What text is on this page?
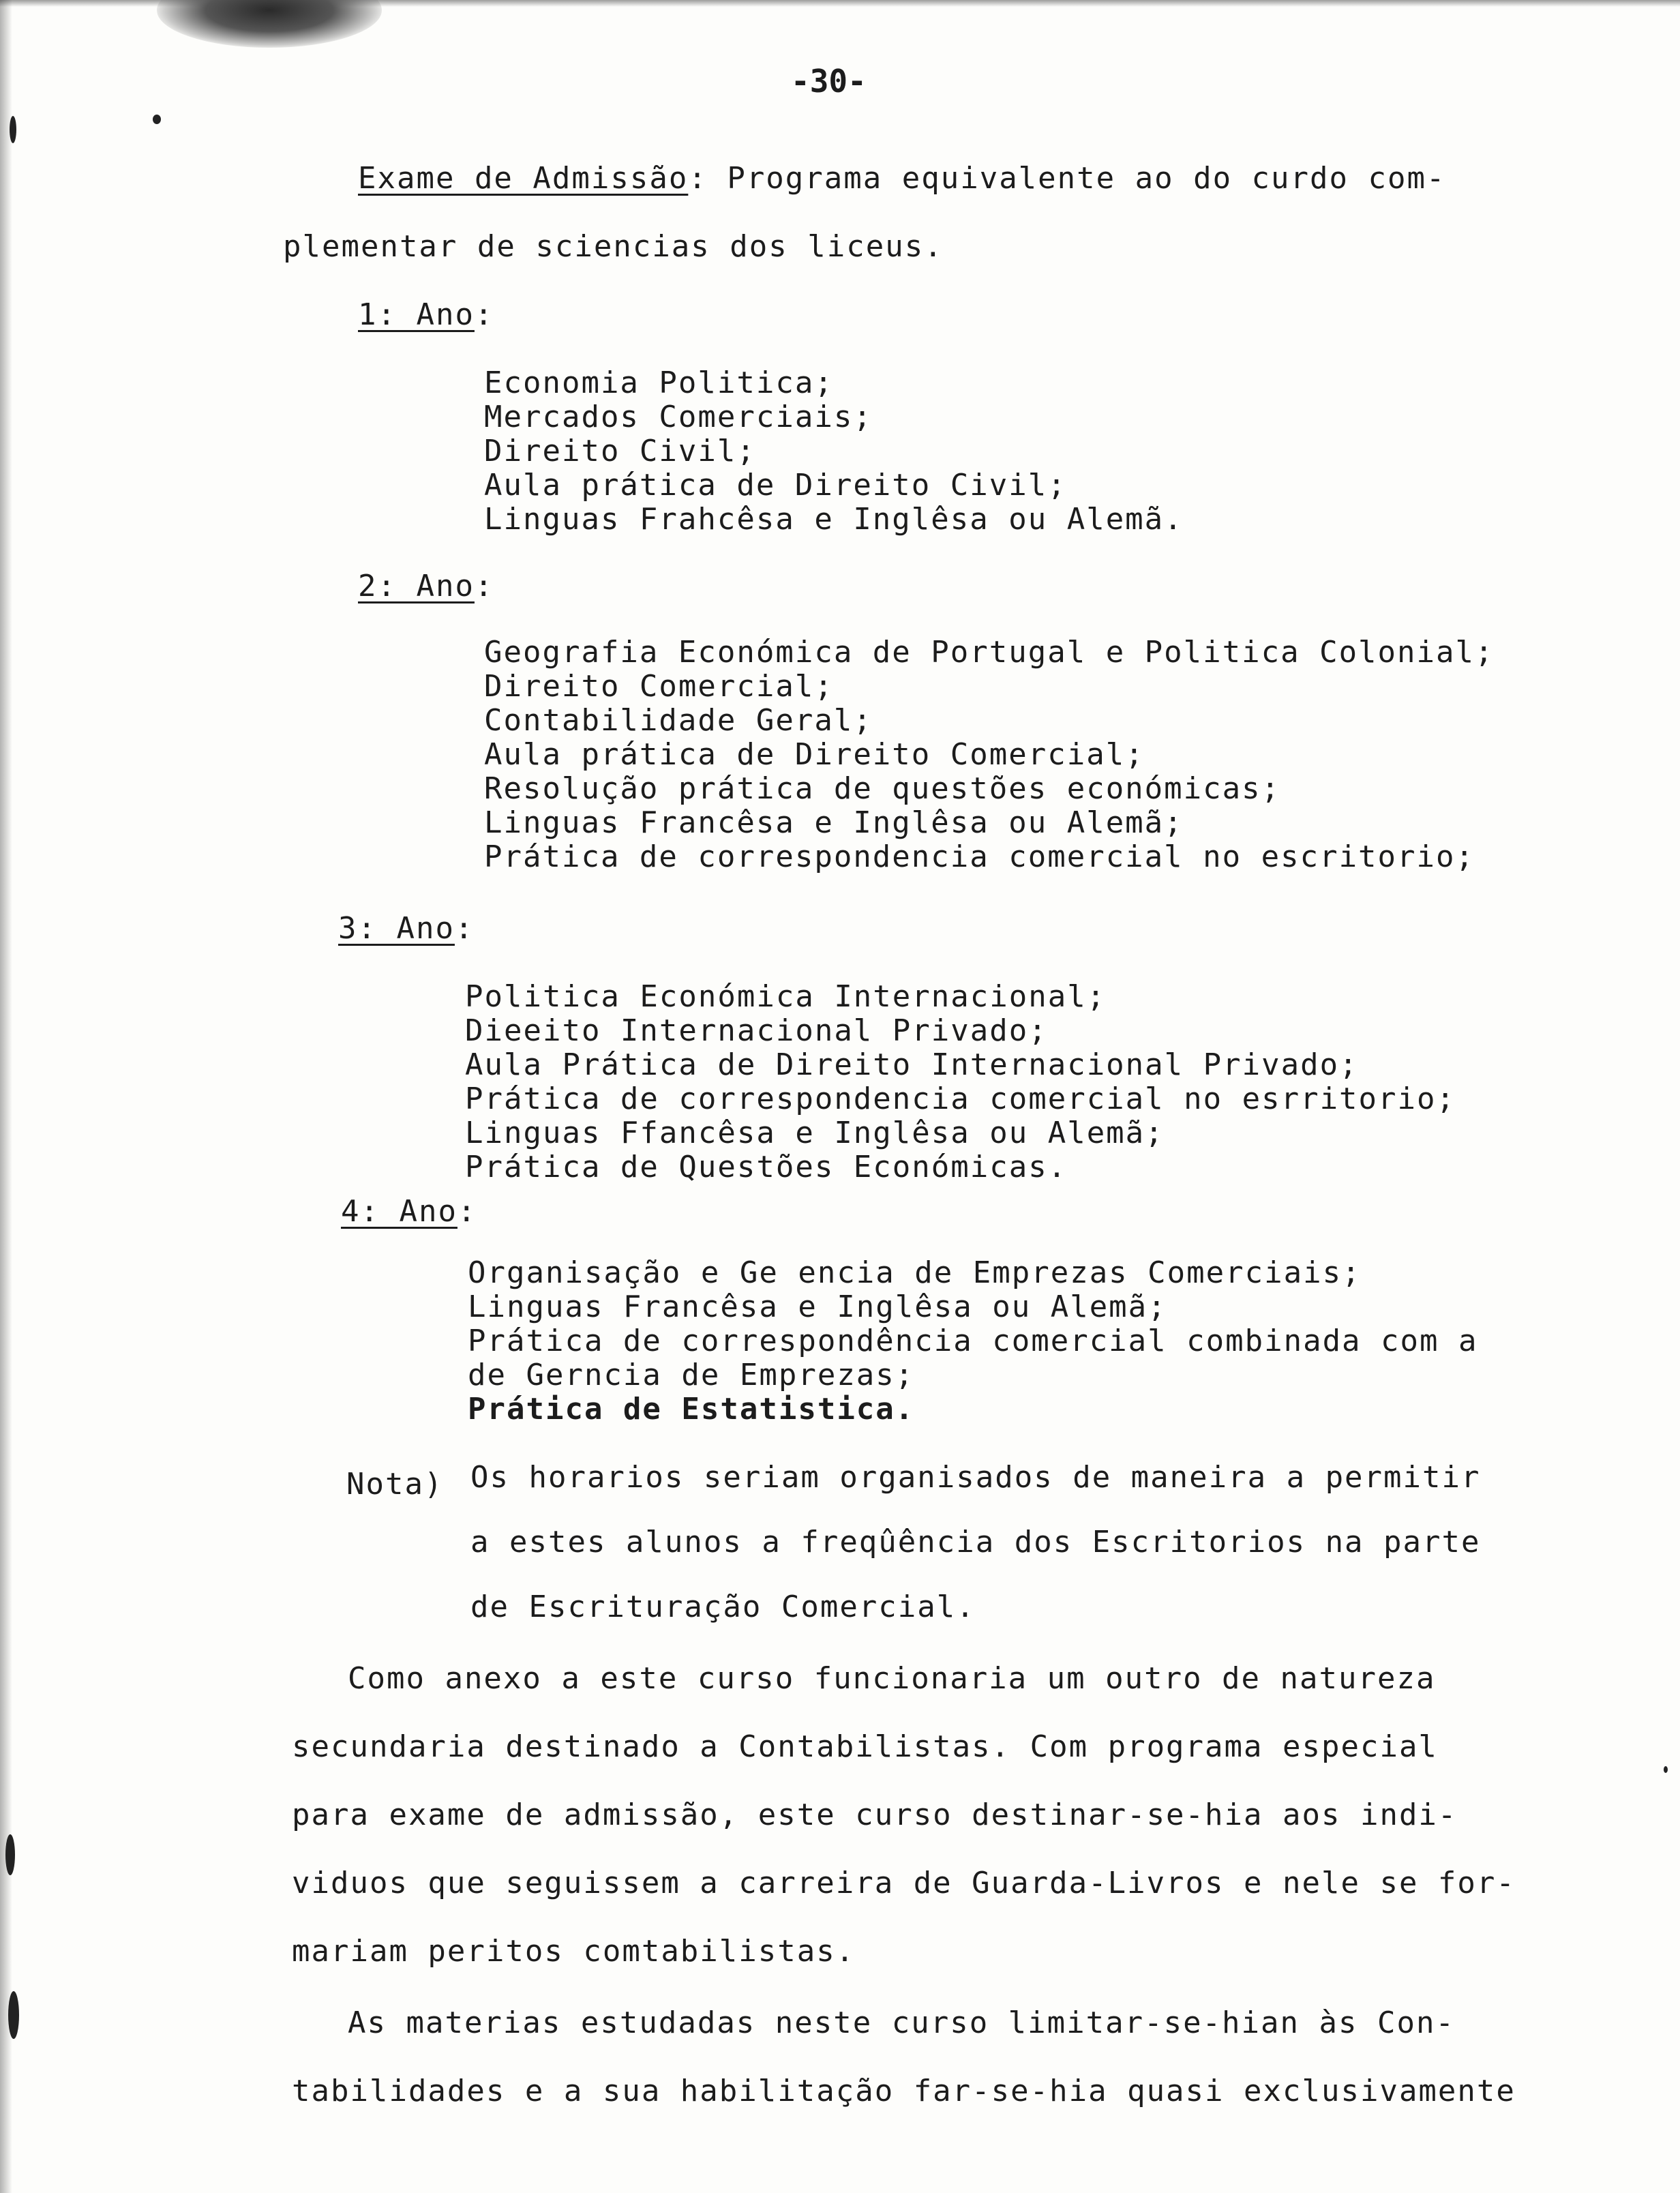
-30-
Exame de Admissão: Programa equivalente ao do curdo com-
plementar de sciencias dos liceus.
1: Ano:
Economia Politica;
Mercados Comerciais;
Direito Civil;
Aula prática de Direito Civil;
Linguas Frahcêsa e Inglêsa ou Alemã.
2: Ano:
Geografia Económica de Portugal e Politica Colonial;
Direito Comercial;
Contabilidade Geral;
Aula prática de Direito Comercial;
Resolução prática de questões económicas;
Linguas Francêsa e Inglêsa ou Alemã;
Prática de correspondencia comercial no escritorio;
3: Ano:
Politica Económica Internacional;
Dieeito Internacional Privado;
Aula Prática de Direito Internacional Privado;
Prática de correspondencia comercial no esrritorio;
Linguas Ffancêsa e Inglêsa ou Alemã;
Prática de Questões Económicas.
4: Ano:
Organisação e Ge encia de Emprezas Comerciais;
Linguas Francêsa e Inglêsa ou Alemã;
Prática de correspondência comercial combinada com a
de Gerncia de Emprezas;
Prática de Estatistica.
Nota) Os horarios seriam organisados de maneira a permitir
a estes alunos a freqûência dos Escritorios na parte
de Escrituração Comercial.
Como anexo a este curso funcionaria um outro de natureza
secundaria destinado a Contabilistas. Com programa especial
para exame de admissão, este curso destinar-se-hia aos indi-
viduos que seguissem a carreira de Guarda-Livros e nele se for-
mariam peritos comtabilistas.
As materias estudadas neste curso limitar-se-hian às Con-
tabilidades e a sua habilitação far-se-hia quasi exclusivamente
